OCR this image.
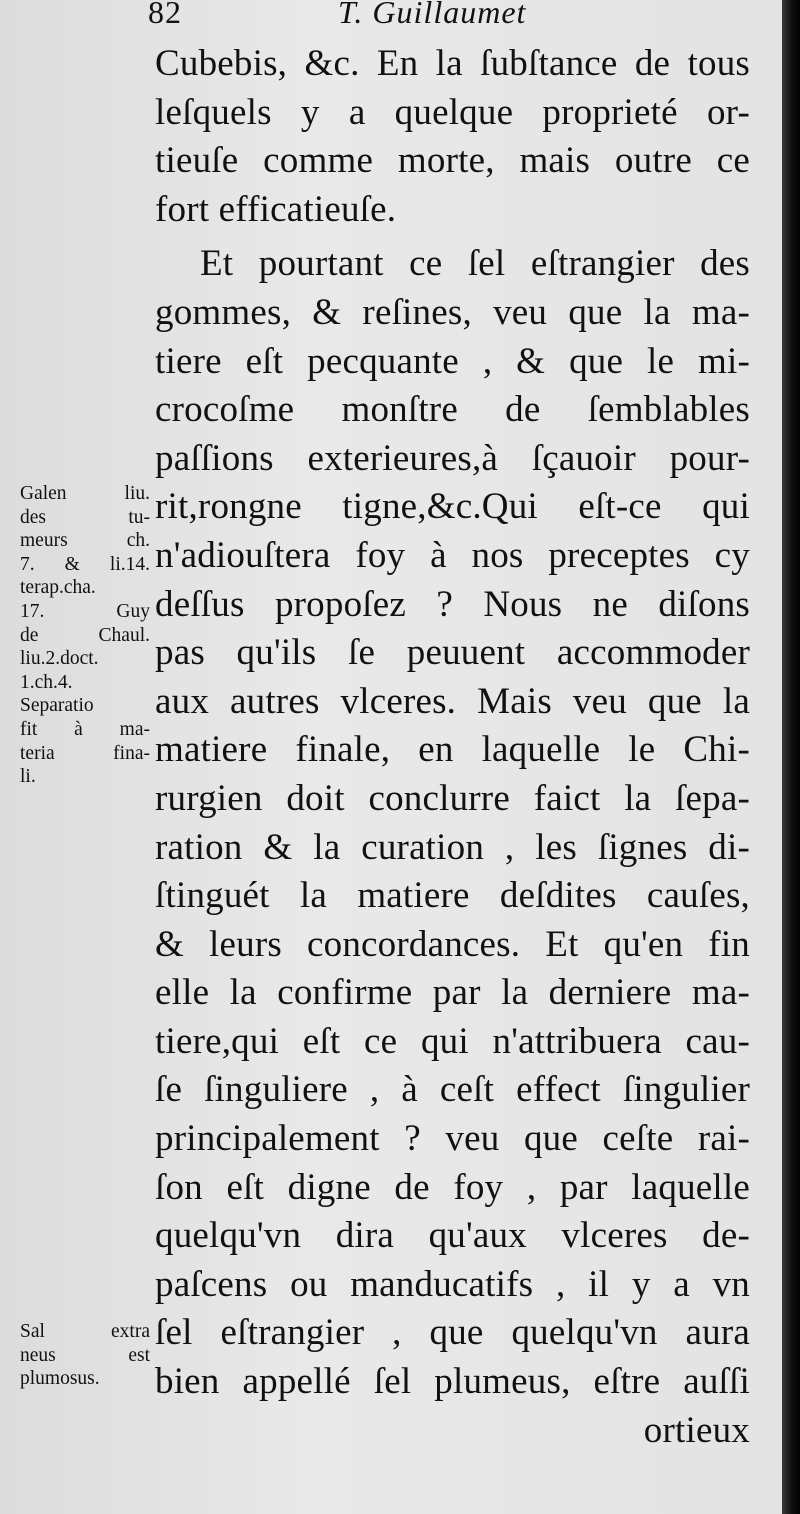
82	T. Guillaumet
Cubebis, &c. En la ſubſtance de tous
leſquels y a quelque proprieté or-
tieuſe comme morte, mais outre ce
fort efficatieuſe.
Et pourtant ce ſel eſtrangier des
gommes, & reſines, veu que la ma-
tiere eſt pecquante , & que le mi-
crocoſme monſtre de ſemblables
paſſions exterieures,à ſçauoir pour-
rit,rongne tigne,&c.Qui eſt-ce qui
n'adiouſtera foy à nos preceptes cy
deſſus propoſez ? Nous ne diſons
pas qu'ils ſe peuuent accommoder
aux autres vlceres. Mais veu que la
matiere finale, en laquelle le Chi-
rurgien doit conclurre faict la ſepa-
ration & la curation , les ſignes di-
ſtinguét la matiere deſdites cauſes,
& leurs concordances. Et qu'en fin
elle la confirme par la derniere ma-
tiere,qui eſt ce qui n'attribuera cau-
ſe ſinguliere , à ceſt effect ſingulier
principalement ? veu que ceſte rai-
ſon eſt digne de foy , par laquelle
quelqu'vn dira qu'aux vlceres de-
paſcens ou manducatifs , il y a vn
ſel eſtrangier , que quelqu'vn aura
bien appellé ſel plumeus, eſtre auſſi
ortieux
Galen liu.
des tu-
meurs ch.
7. & li.14.
terap.cha.
17. Guy
de Chaul.
liu.2.doct.
1.ch.4.
Separatio
fit à ma-
teria fina-
li.
Sal extra
neus est
plumosus.
